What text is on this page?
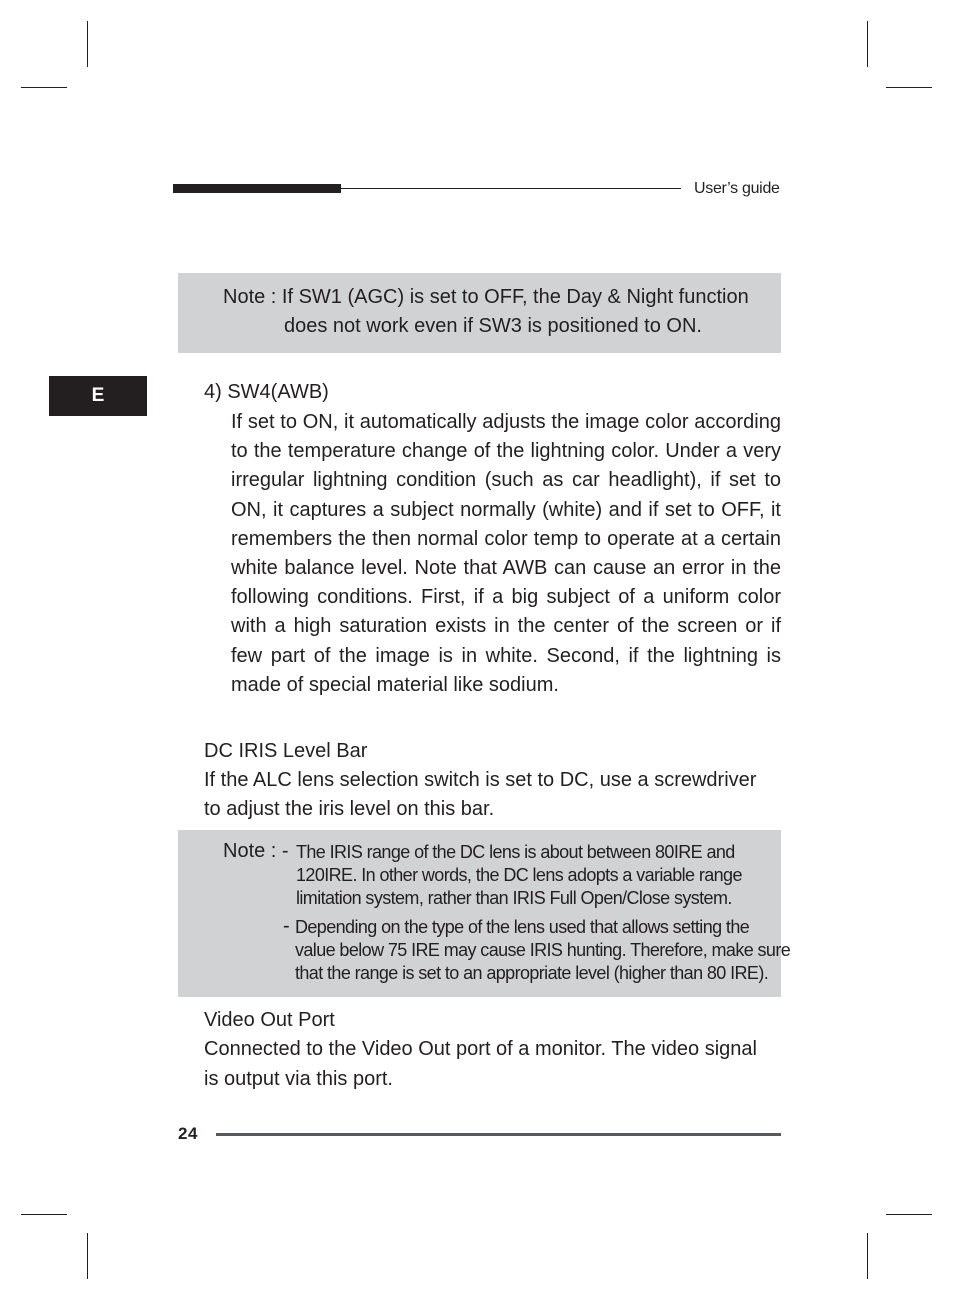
User’s guide
E
Note : If SW1 (AGC) is set to OFF, the Day & Night function
does not work even if SW3 is positioned to ON.
4) SW4(AWB)
If set to ON, it automatically adjusts the image color according to the temperature change of the lightning color. Under a very irregular lightning condition (such as car headlight), if set to ON, it captures a subject normally (white) and if set to OFF, it remembers the then normal color temp to operate at a certain white balance level. Note that AWB can cause an error in the following conditions. First, if a big subject of a uniform color with a high saturation exists in the center of the screen or if few part of the image is in white. Second, if the lightning is made of special material like sodium.
DC IRIS Level Bar
If the ALC lens selection switch is set to DC, use a screwdriver
to adjust the iris level on this bar.
Note : - The IRIS range of the DC lens is about between 80IRE and
120IRE. In other words, the DC lens adopts a variable range
limitation system, rather than IRIS Full Open/Close system.
- Depending on the type of the lens used that allows setting the
value below 75 IRE may cause IRIS hunting. Therefore, make sure
that the range is set to an appropriate level (higher than 80 IRE).
Video Out Port
Connected to the Video Out port of a monitor. The video signal
is output via this port.
24
